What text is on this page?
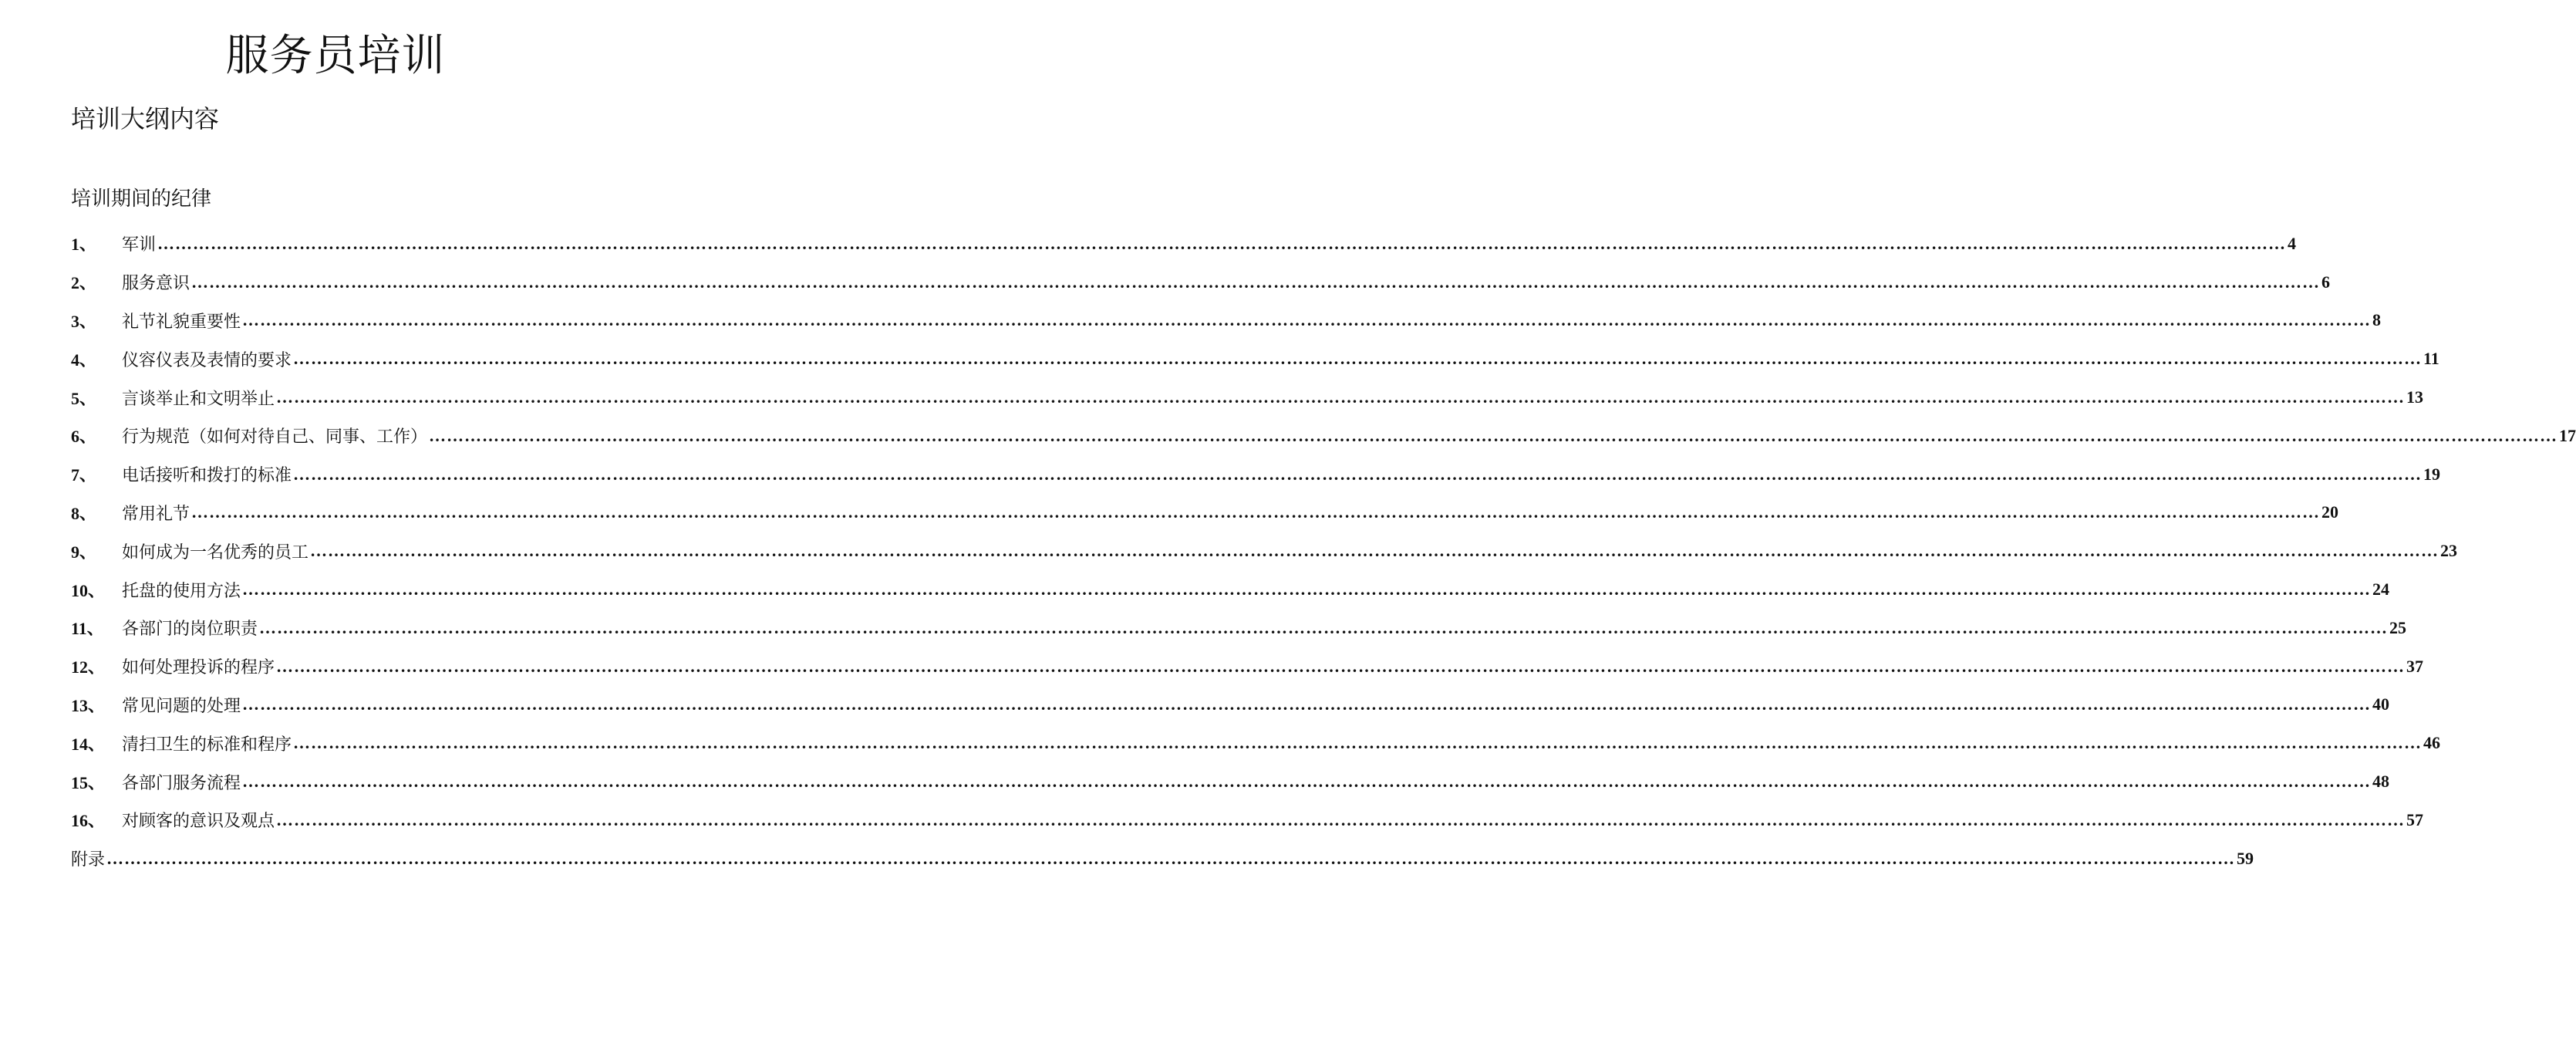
服务员培训
培训大纲内容
培训期间的纪律
1、	军训 ……………………………………………………………………………………………………………………………………………………………………………………………………………………………………………………………………………………………………………………………… 4
2、	服务意识 ……………………………………………………………………………………………………………………………………………………………………………………………………………………………………………………………………………………………………………………………… 6
3、	礼节礼貌重要性 ……………………………………………………………………………………………………………………………………………………………………………………………………………………………………………………………………………………………………………………………… 8
4、	仪容仪表及表情的要求 ……………………………………………………………………………………………………………………………………………………………………………………………………………………………………………………………………………………………………………………………… 11
5、	言谈举止和文明举止 ……………………………………………………………………………………………………………………………………………………………………………………………………………………………………………………………………………………………………………………………… 13
6、	行为规范（如何对待自己、同事、工作） ……………………………………………………………………………………………………………………………………………………………………………………………………………………………………………………………………………………………………………………………… 17
7、	电话接听和拨打的标准 ……………………………………………………………………………………………………………………………………………………………………………………………………………………………………………………………………………………………………………………………… 19
8、	常用礼节 ……………………………………………………………………………………………………………………………………………………………………………………………………………………………………………………………………………………………………………………………… 20
9、	如何成为一名优秀的员工 ……………………………………………………………………………………………………………………………………………………………………………………………………………………………………………………………………………………………………………………………… 23
10、 托盘的使用方法 ……………………………………………………………………………………………………………………………………………………………………………………………………………………………………………………………………………………………………………………………… 24
11、	各部门的岗位职责 ……………………………………………………………………………………………………………………………………………………………………………………………………………………………………………………………………………………………………………………………… 25
12、 如何处理投诉的程序 ……………………………………………………………………………………………………………………………………………………………………………………………………………………………………………………………………………………………………………………………… 37
13、 常见问题的处理 ……………………………………………………………………………………………………………………………………………………………………………………………………………………………………………………………………………………………………………………………… 40
14、 清扫卫生的标准和程序 ……………………………………………………………………………………………………………………………………………………………………………………………………………………………………………………………………………………………………………………………… 46
15、 各部门服务流程 ……………………………………………………………………………………………………………………………………………………………………………………………………………………………………………………………………………………………………………………………… 48
16、 对顾客的意识及观点 ……………………………………………………………………………………………………………………………………………………………………………………………………………………………………………………………………………………………………………………………… 57
附录 ……………………………………………………………………………………………………………………………………………………………………………………………………………………………………………………………………………………………………………………………… 59
